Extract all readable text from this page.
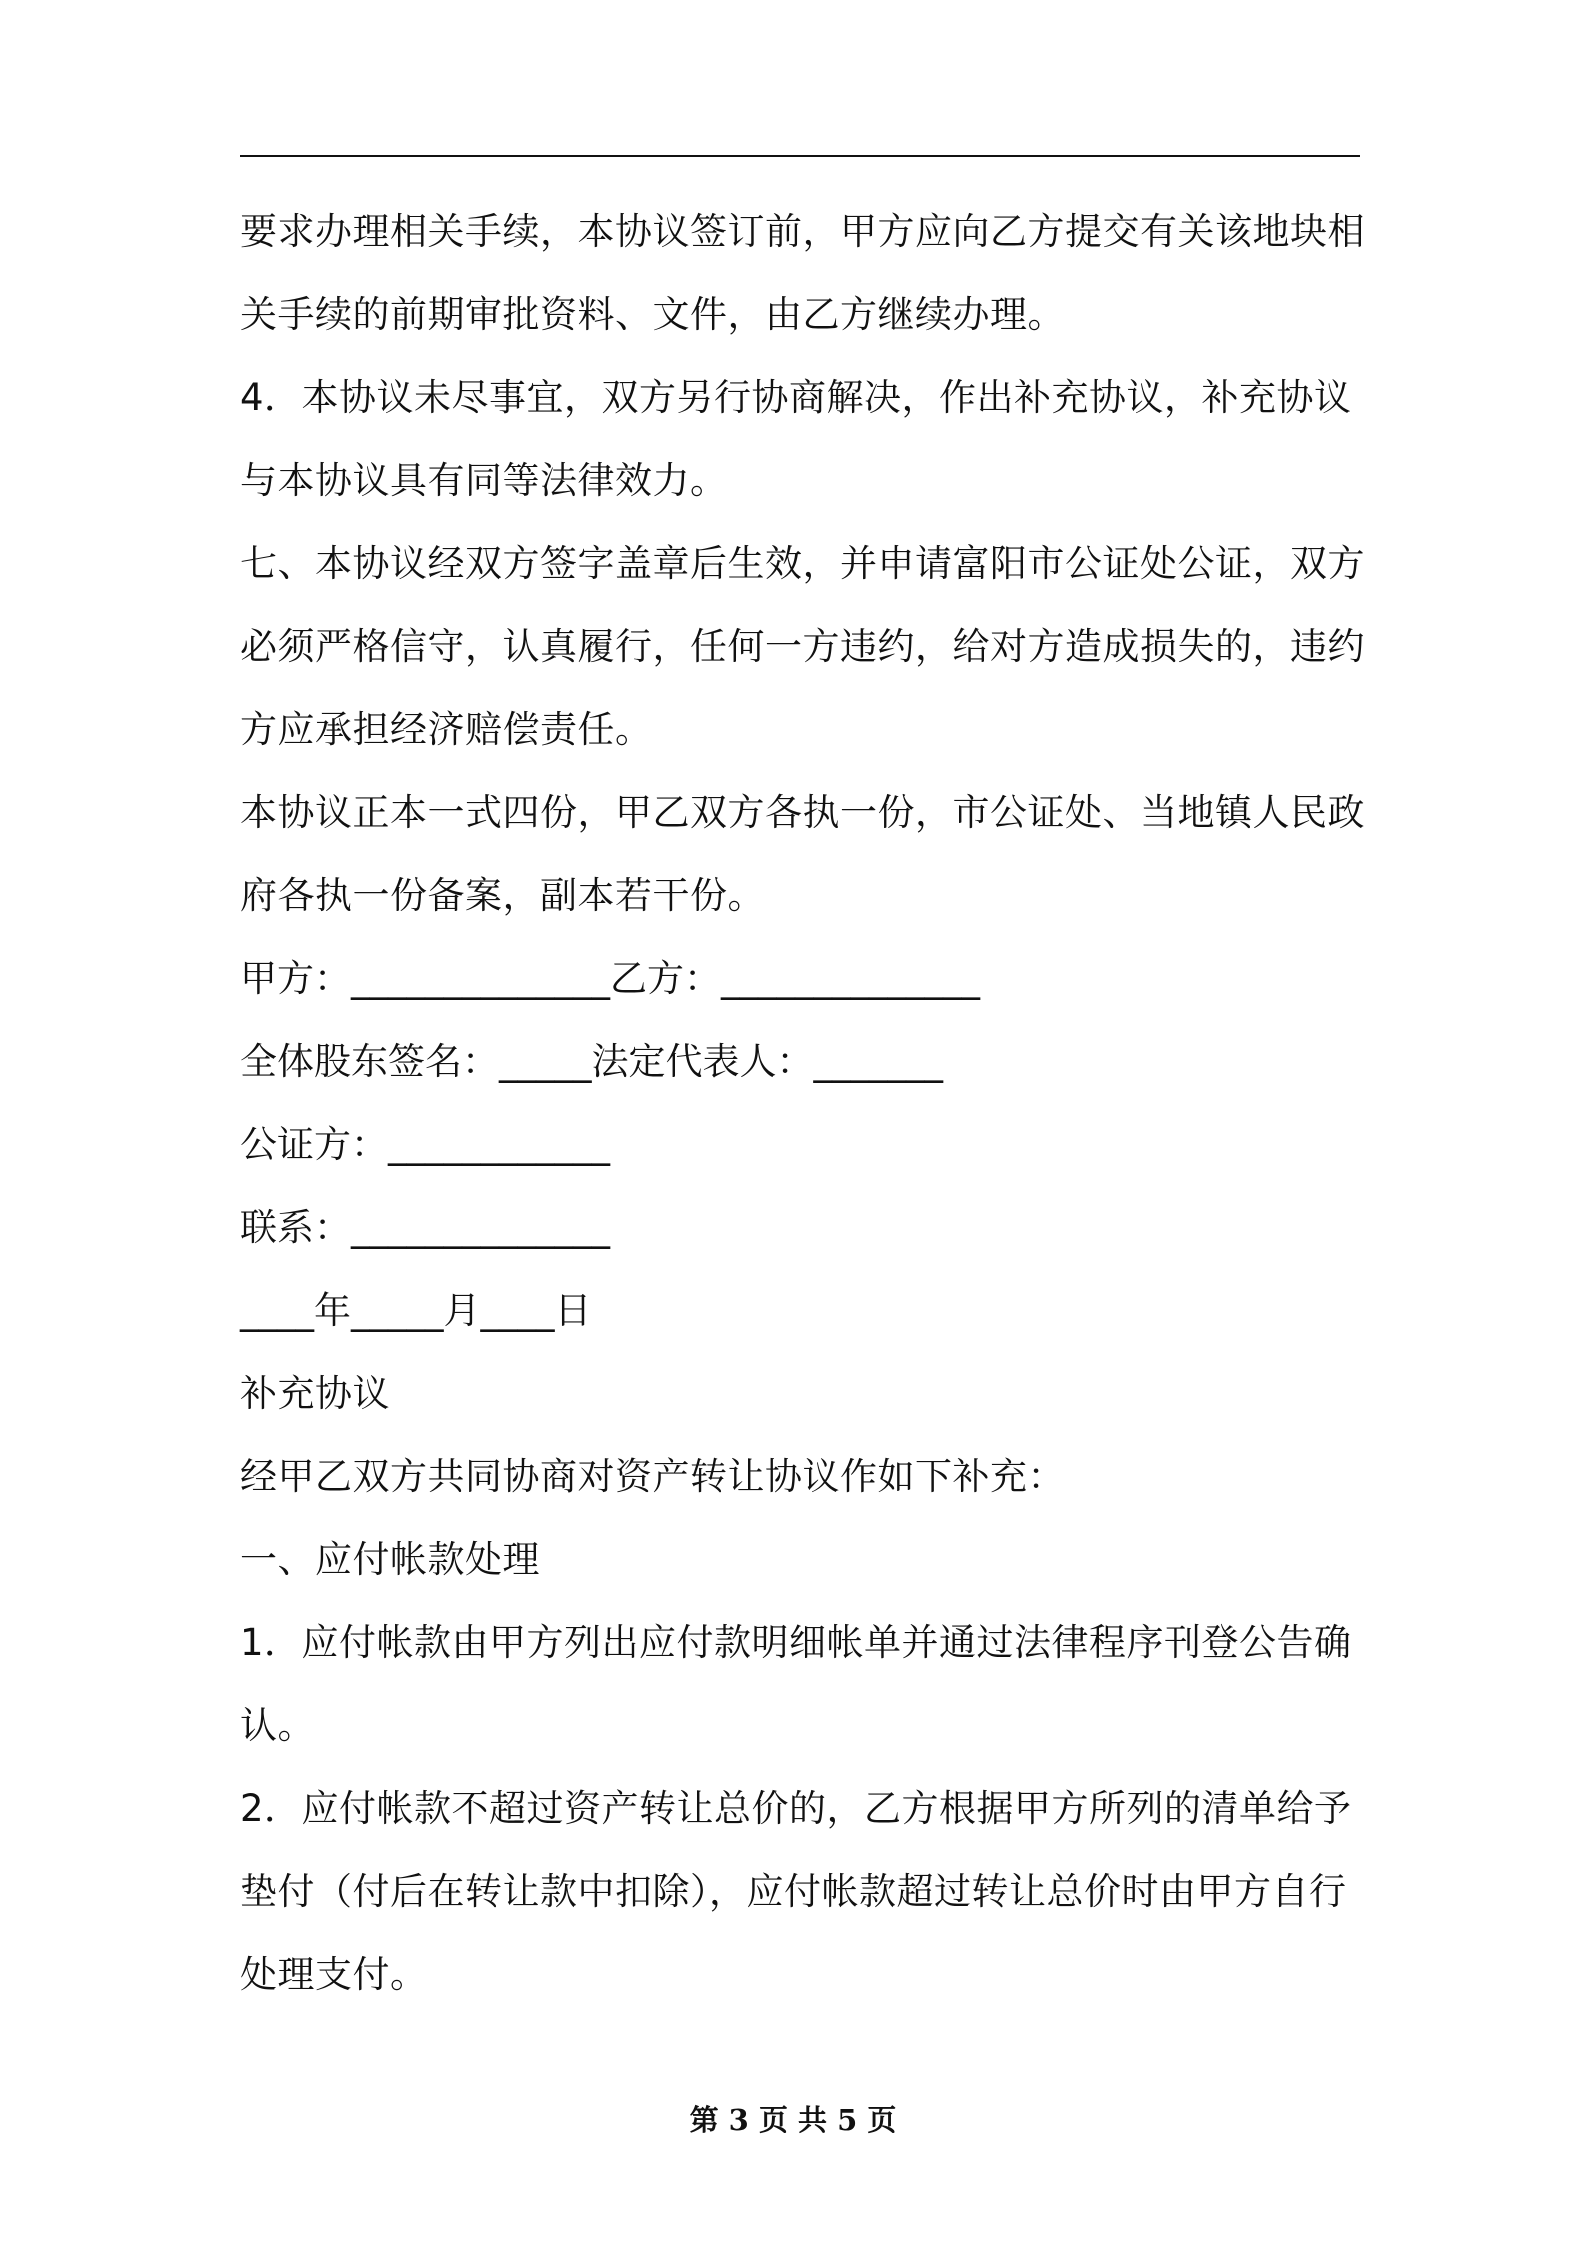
要求办理相关手续，本协议签订前，甲方应向乙方提交有关该地块相
关手续的前期审批资料、文件，由乙方继续办理。

4．本协议未尽事宜，双方另行协商解决，作出补充协议，补充协议
与本协议具有同等法律效力。

七、本协议经双方签字盖章后生效，并申请富阳市公证处公证，双方
必须严格信守，认真履行，任何一方违约，给对方造成损失的，违约
方应承担经济赔偿责任。

本协议正本一式四份，甲乙双方各执一份，市公证处、当地镇人民政
府各执一份备案，副本若干份。

甲方：______________乙方：______________

全体股东签名：_____法定代表人：_______

公证方：____________

联系：______________

____年_____月____日

补充协议

经甲乙双方共同协商对资产转让协议作如下补充：

一、应付帐款处理

1．应付帐款由甲方列出应付款明细帐单并通过法律程序刊登公告确
认。

2．应付帐款不超过资产转让总价的，乙方根据甲方所列的清单给予
垫付（付后在转让款中扣除），应付帐款超过转让总价时由甲方自行
处理支付。

第 3 页 共 5 页
